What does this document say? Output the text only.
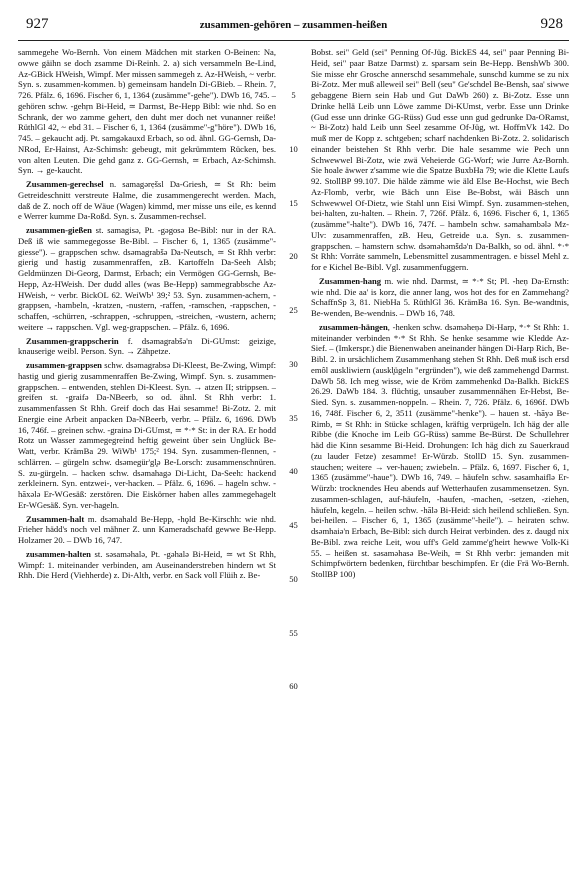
927	zusammen-gehören – zusammen-heißen	928

sammegehe Wo-Bernh. Von einem Mädchen mit starken O-Beinen: Na, owwe gäihn se doch zsamme Di-Reinh. 2. a) sich versammeln Be-Lind, Az-GBick HWeish, Wimpf. Mer missen sammegeh z. Az-HWeish, ~ verbr. Syn. s. zusammen-kommen. b) gemeinsam handeln Di-GBieb. – Rhein. 7, 726. Pfälz. 6, 1696. Fischer 6, 1, 1364 (zusämme"-gehe"). DWb 16, 745. – gehören schw. -gehṛn Bi-Heid, ≃ Darmst, Be-Hepp Bibl: wie nhd. So en Schrank, der wo zamme gehert, den duht mer doch net vunanner reiße! RüthlGl 42, ~ ebd 31. – Fischer 6, 1, 1364 (zusämme"-g"höre"). DWb 16, 745. – gekaucht adj. Pt. samgəkauxd Erbach, so od. ähnl. GG-Gernsh, Da-NRod, Er-Hainst, Az-Schimsh: gebeugt, mit gekrümmtem Rücken, bes. von alten Leuten. Die gehd ganz z. GG-Gernsh, ≃ Erbach, Az-Schimsh. Syn. → ge-kaucht.

Zusammen-gerechsel n. samagərẹšsl Da-Griesh, ≃ St Rh: beim Getreideschnitt verstreute Halme, die zusammengerecht werden. Mach, daß de Z. noch off de Wäue (Wagen) kimmd, mer misse uns eile, es kennd e Werrer kumme Da-Roßd. Syn. s. Zusammen-rechsel.

zusammen-gießen st. samagisə, Pt. -gəgosə Be-Bibl: nur in der RA. Deß iß wie sammegegosse Be-Bibl. – Fischer 6, 1, 1365 (zusämme"-giesse"). – grappschen schw. dsəmagrabšə Da-Neutsch, ≃ St Rhh verbr: gierig und hastig zusammenraffen, zB. Kartoffeln Da-Seeh Alsb; Geldmünzen Di-Georg, Darmst, Erbach; ein Vermögen GG-Gernsh, Be-Hepp, Az-HWeish. Der dudd alles (was Be-Hepp) sammegrabbsche Az-HWeish, ~ verbr. BickOL 62. WeiWb¹ 39;² 53. Syn. zusammen-achern, -grappsen, -hambeln, -kratzen, -nustern, -raffen, -ramschen, -rappschen, -schaffen, -schürren, -schrappen, -schruppen, -streichen, -wustern, achern; weitere → rappschen. Vgl. weg-grappschen. – Pfälz. 6, 1696.

Zusammen-grappscherin f. dsəmagrabšə'n Di-GUmst: geizige, knauserige weibl. Person. Syn. → Zähpetze.

zusammen-grappsen schw. dsəmagrabsə Di-Kleest, Be-Zwing, Wimpf: hastig und gierig zusammenraffen Be-Zwing, Wimpf. Syn. s. zusammen-grappschen. – entwenden, stehlen Di-Kleest. Syn. → atzen II; strippsen. – greifen st. -graifə Da-NBeerb, so od. ähnl. St Rhh verbr: 1. zusammenfassen St Rhh. Greif doch das Hai sesamme! Bi-Zotz. 2. mit Energie eine Arbeit anpacken Da-NBeerb, verbr. – Pfälz. 6, 1696. DWb 16, 746f. – greinen schw. -grainə Di-GUmst, ≃ *·* St: in der RA. Er hodd Rotz un Wasser zammegegreind heftig geweint über sein Unglück Be-Watt, verbr. KrämBa 29. WiWb¹ 175;² 194. Syn. zusammen-flennen, -schlärren. – gürgeln schw. dsəmegür'gl̥ə Be-Lorsch: zusammenschnüren. S. zu-gürgeln. – hacken schw. dsəmahagə Di-Licht, Da-Seeh: hackend zerkleinern. Syn. entzwei-, ver-hacken. – Pfälz. 6, 1696. – hageln schw. -hāxələ Er-WGesäß: zerstören. Die Eiskörner haben alles zammegehagelt Er-WGesäß. Syn. ver-hageln.

Zusammen-halt m. dsəmahald Be-Hepp, -hǫld Be-Kirschh: wie nhd. Frieher hädd's noch vel mähner Z. unn Kameradschafd gewwe Be-Hepp. Holzamer 20. – DWb 16, 747.

zusammen-halten st. səsaməhalə, Pt. -gəhalə Bi-Heid, ≃ wt St Rhh, Wimpf: 1. miteinander verbinden, am Auseinanderstreben hindern wt St Rhh. Die Herd (Viehherde) z. Di-Alth, verbr. en Sack voll Flüih z. Be-

5
10
15
20
25
30
35
40
45
50
55
60

Bobst. sei" Geld (sei" Penning Of-Jüg. BickES 44, sei" paar Penning Bi-Heid, sei" paar Batze Darmst) z. sparsam sein Be-Hepp. BenshWb 300. Sie misse ehr Grosche annerschd sesammehale, sunschd kumme se zu nix Bi-Zotz. Mer muß alleweil sei" Bell (seu" Ge'schdel Be-Bensh, saa' siwwe gebaggene Biern sein Hab und Gut DaWb 260) z. Bi-Zotz. Esse unn Drinke hellä Leib unn Löwe zamme Di-KUmst, verbr. Esse unn Drinke (Gud esse unn drinke GG-Rüss) Gud esse unn gud gedrunke Da-ORamst, ~ Bi-Zotz) hald Leib unn Seel zesamme Of-Jüg, wt. HoffmVk 142. Do muß mer de Kopp z. schtgeben; scharf nachdenken Bi-Zotz. 2. solidarisch einander beistehen St Rhh verbr. Die hale sesamme wie Pech unn Schwewwel Bi-Zotz, wie zwä Veheierde GG-Worf; wie Jurre Az-Bornh. Sie hoale äwwer z'samme wie die Spatze BuxbHa 79; wie die Klette Laufs 92. StollBP 99.107. Die hälde zämme wie äld Else Be-Hochst, wie Bech Az-Flomb, verbr, wie Bäch unn Eise Be-Bobst, wäi Bäsch unn Schwewwel Of-Dietz, wie Stahl unn Eisi Wimpf. Syn. zusammen-stehen, bei-halten, zu-halten. – Rhein. 7, 726f. Pfälz. 6, 1696. Fischer 6, 1, 1365 (zusämme"-halte"). DWb 16, 747f. – hambeln schw. səmahambələ Mz-Ulv: zusammenraffen, zB. Heu, Getreide u.a. Syn. s. zusammen-grappschen. – hamstern schw. dsəməhəmšdə'n Da-Balkh, so od. ähnl. *·* St Rhh: Vorräte sammeln, Lebensmittel zusammentragen. e bissel Mehl z. for e Kichel Be-Bibl. Vgl. zusammenfuggern.

Zusammen-hang m. wie nhd. Darmst, ≃ *·* St; Pl. -heṇ Da-Ernsth: wie nhd. Die aa' is korz, die anner lang, wos hot des for en Zammehang? SchaffnSp 3, 81. NiebHa 5. RüthlGl 36. KrämBa 16. Syn. Be-wandtnis, Be-wenden, Be-wendnis. – DWb 16, 748.

zusammen-hängen, -henken schw. dsəməheṇə Di-Harp, *·* St Rhh: 1. miteinander verbinden *·* St Rhh. Se henke sesamme wie Kledde Az-Sief. – (Imkerspr.) die Bienenwaben aneinander hängen Di-Harp Rich, Be-Bibl. 2. in ursächlichem Zusammenhang stehen St Rhh. Deß muß isch ersd emôl auskliwiern (auskl̥ügeln "ergründen"), wie deß zammehengd Darmst. DaWb 58. Ich meg wisse, wie de Kröm zammehenkd Da-Balkh. BickES 26.29. DaWb 184. 3. flüchtig, unsauber zusammennähen Er-Hebst, Be-Sied. Syn. s. zusammen-noppeln. – Rhein. 7, 726. Pfälz. 6, 1696f. DWb 16, 748f. Fischer 6, 2, 3511 (zusämme"-henke"). – hauen st. -hāyə Be-Rimb, ≃ St Rhh: in Stücke schlagen, kräftig verprügeln. Ich häg der alle Ribbe (die Knoche im Leib GG-Rüss) samme Be-Bürst. De Schullehrer häd die Kinn sesamme Bi-Heid. Drohungen: Ich häg dich zu Sauerkraud (zu lauder Fetze) zesamme! Er-Würzb. StollD 15. Syn. zusammen-stauchen; weitere → ver-hauen; zwiebeln. – Pfälz. 6, 1697. Fischer 6, 1, 1365 (zusämme"-haue"). DWb 16, 749. – häufeln schw. səsamhaiflə Er-Würzb: trocknendes Heu abends auf Wetterhaufen zusammensetzen. Syn. zusammen-schlagen, auf-häufeln, -haufen, -machen, -setzen, -ziehen, häufeln, kegeln. – heilen schw. -hālə Bi-Heid: sich heilend schließen. Syn. bei-heilen. – Fischer 6, 1, 1365 (zusämme"-heile"). – heiraten schw. dsəmhaiə'n Erbach, Be-Bibl: sich durch Heirat verbinden. des z. daugd nix Be-Bibl. zwa reiche Leit, wou uff's Geld zamme'g'heirt hewwe Volk-Ki 55. – heißen st. səsaməhasə Be-Weih, ≃ St Rhh verbr: jemanden mit Schimpfwörtern bedenken, fürchtbar beschimpfen. Er (die Frä Wo-Bernh. StollBP 100)
